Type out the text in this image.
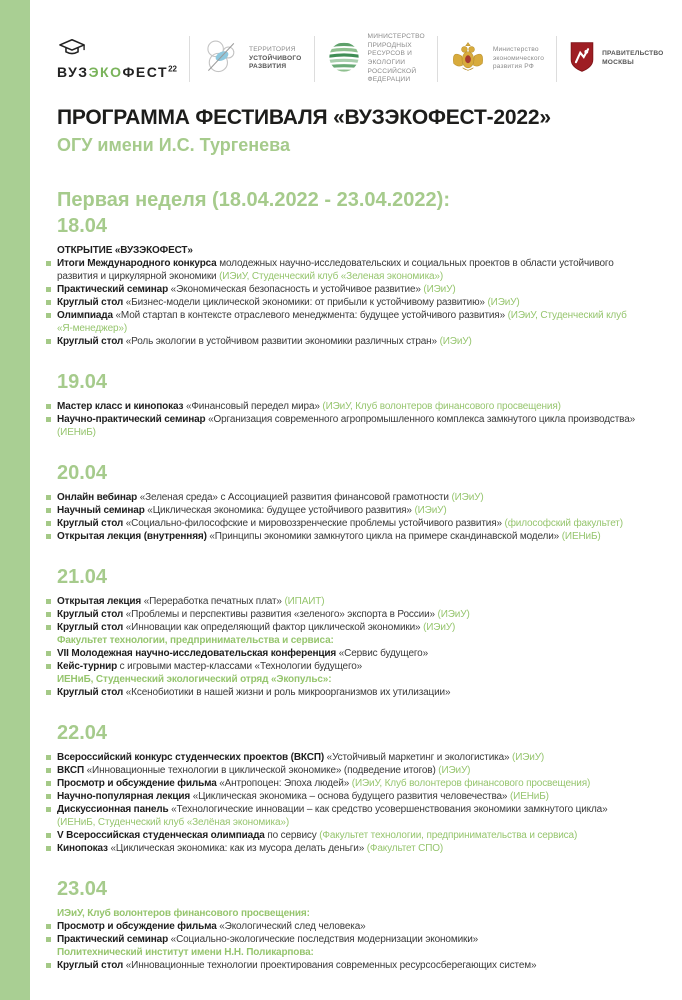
ВУЗЭКОФЕСТ$^{22}$
ТЕРРИТОРИЯ
УСТОЙЧИВОГО
РАЗВИТИЯ
МИНИСТЕРСТВО ПРИРОДНЫХ
РЕСУРСОВ И ЭКОЛОГИИ
РОССИЙСКОЙ ФЕДЕРАЦИИ
Министерство
экономического
развития РФ
ПРАВИТЕЛЬСТВО
МОСКВЫ
ПРОГРАММА ФЕСТИВАЛЯ «ВУЗЭКОФЕСТ-2022»
ОГУ имени И.С. Тургенева
Первая неделя (18.04.2022 - 23.04.2022):
18.04
ОТКРЫТИЕ «ВУЗЭКОФЕСТ»
Итоги Международного конкурса молодежных научно-исследовательских и социальных проектов в области устойчивого развития и циркулярной экономики (ИЭиУ, Студенческий клуб «Зеленая экономика»)
Практический семинар «Экономическая безопасность и устойчивое развитие» (ИЭиУ)
Круглый стол «Бизнес-модели циклической экономики: от прибыли к устойчивому развитию» (ИЭиУ)
Олимпиада «Мой стартап в контексте отраслевого менеджмента: будущее устойчивого развития» (ИЭиУ, Студенческий клуб «Я-менеджер»)
Круглый стол «Роль экологии в устойчивом развитии экономики различных стран» (ИЭиУ)
19.04
Мастер класс и кинопоказ «Финансовый передел мира» (ИЭиУ, Клуб волонтеров финансового просвещения)
Научно-практический семинар «Организация современного агропромышленного комплекса замкнутого цикла производства» (ИЕНиБ)
20.04
Онлайн вебинар «Зеленая среда» с Ассоциацией развития финансовой грамотности (ИЭиУ)
Научный семинар «Циклическая экономика: будущее устойчивого развития» (ИЭиУ)
Круглый стол «Социально-философские и мировоззренческие проблемы устойчивого развития» (философский факультет)
Открытая лекция (внутренняя) «Принципы экономики замкнутого цикла на примере скандинавской модели» (ИЕНиБ)
21.04
Открытая лекция «Переработка печатных плат» (ИПАИТ)
Круглый стол «Проблемы и перспективы развития «зеленого» экспорта в России» (ИЭиУ)
Круглый стол «Инновации как определяющий фактор циклической экономики» (ИЭиУ)
Факультет технологии, предпринимательства и сервиса:
VII Молодежная научно-исследовательская конференция «Сервис будущего»
Кейс-турнир с игровыми мастер-классами «Технологии будущего»
ИЕНиБ, Студенческий экологический отряд «Экопульс»:
Круглый стол «Ксенобиотики в нашей жизни и роль микроорганизмов их утилизации»
22.04
Всероссийский конкурс студенческих проектов (ВКСП) «Устойчивый маркетинг и экологистика» (ИЭиУ)
ВКСП «Инновационные технологии в циклической экономике» (подведение итогов) (ИЭиУ)
Просмотр и обсуждение фильма «Антропоцен: Эпоха людей» (ИЭиУ, Клуб волонтеров финансового просвещения)
Научно-популярная лекция «Циклическая экономика – основа будущего развития человечества» (ИЕНиБ)
Дискуссионная панель «Технологические инновации – как средство усовершенствования экономики замкнутого цикла» (ИЕНиБ, Студенческий клуб «Зелёная экономика»)
V Всероссийская студенческая олимпиада по сервису (Факультет технологии, предпринимательства и сервиса)
Кинопоказ «Циклическая экономика: как из мусора делать деньги» (Факультет СПО)
23.04
ИЭиУ, Клуб волонтеров финансового просвещения:
Просмотр и обсуждение фильма «Экологический след человека»
Практический семинар «Социально-экологические последствия модернизации экономики»
Политехнический институт имени Н.Н. Поликарпова:
Круглый стол «Инновационные технологии проектирования современных ресурсосберегающих систем»
